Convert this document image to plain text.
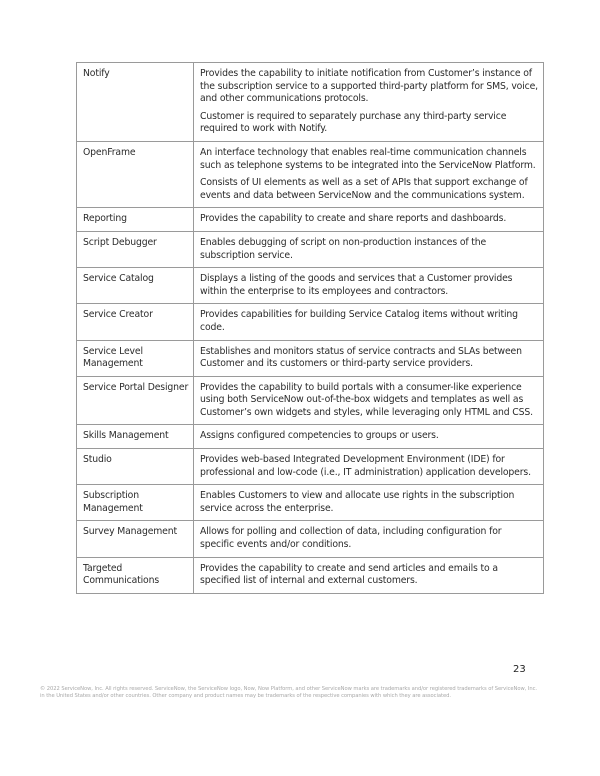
Notify	Provides the capability to initiate notification from Customer’s instance of the subscription service to a supported third-party platform for SMS, voice, and other communications protocols.

Customer is required to separately purchase any third-party service required to work with Notify.

OpenFrame	An interface technology that enables real-time communication channels such as telephone systems to be integrated into the ServiceNow Platform.

Consists of UI elements as well as a set of APIs that support exchange of events and data between ServiceNow and the communications system.

Reporting	Provides the capability to create and share reports and dashboards.

Script Debugger	Enables debugging of script on non-production instances of the subscription service.

Service Catalog	Displays a listing of the goods and services that a Customer provides within the enterprise to its employees and contractors.

Service Creator	Provides capabilities for building Service Catalog items without writing code.

Service Level Management	Establishes and monitors status of service contracts and SLAs between Customer and its customers or third-party service providers.

Service Portal Designer	Provides the capability to build portals with a consumer-like experience using both ServiceNow out-of-the-box widgets and templates as well as Customer’s own widgets and styles, while leveraging only HTML and CSS.

Skills Management	Assigns configured competencies to groups or users.

Studio	Provides web-based Integrated Development Environment (IDE) for professional and low-code (i.e., IT administration) application developers.

Subscription Management	Enables Customers to view and allocate use rights in the subscription service across the enterprise.

Survey Management	Allows for polling and collection of data, including configuration for specific events and/or conditions.

Targeted Communications	Provides the capability to create and send articles and emails to a specified list of internal and external customers.

23
© 2022 ServiceNow, Inc. All rights reserved. ServiceNow, the ServiceNow logo, Now, Now Platform, and other ServiceNow marks are trademarks and/or registered trademarks of ServiceNow, Inc. in the United States and/or other countries. Other company and product names may be trademarks of the respective companies with which they are associated.
